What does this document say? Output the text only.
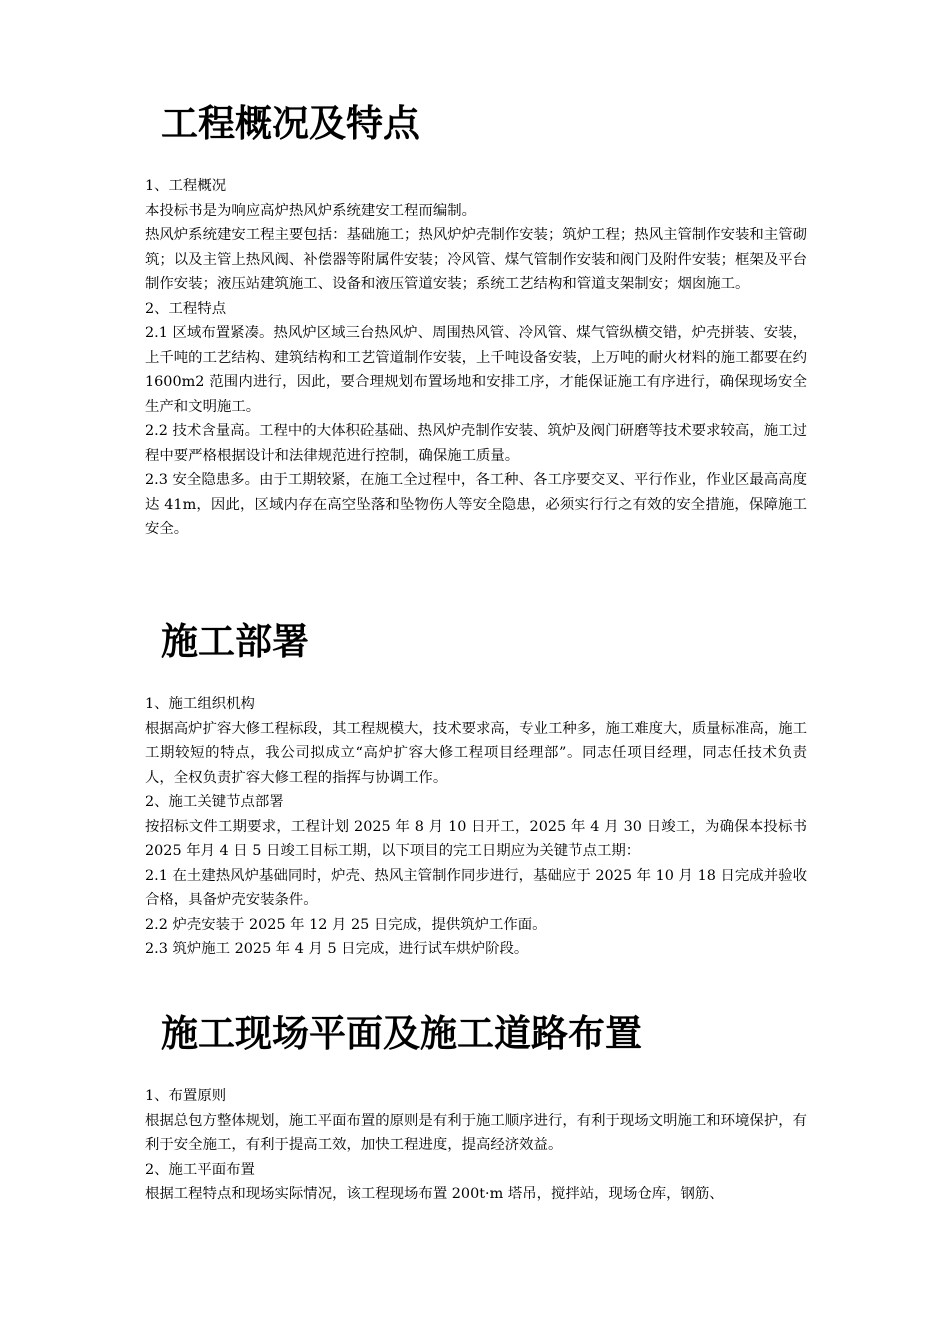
工程概况及特点

1、工程概况

本投标书是为响应高炉热风炉系统建安工程而编制。

热风炉系统建安工程主要包括：基础施工；热风炉炉壳制作安装；筑炉工程；热风主管制作安装和主管砌筑；以及主管上热风阀、补偿器等附属件安装；冷风管、煤气管制作安装和阀门及附件安装；框架及平台制作安装；液压站建筑施工、设备和液压管道安装；系统工艺结构和管道支架制安；烟囱施工。

2、工程特点

2.1 区域布置紧凑。热风炉区域三台热风炉、周围热风管、冷风管、煤气管纵横交错，炉壳拼装、安装，上千吨的工艺结构、建筑结构和工艺管道制作安装，上千吨设备安装，上万吨的耐火材料的施工都要在约 1600m2 范围内进行，因此，要合理规划布置场地和安排工序，才能保证施工有序进行，确保现场安全生产和文明施工。

2.2 技术含量高。工程中的大体积砼基础、热风炉壳制作安装、筑炉及阀门研磨等技术要求较高，施工过程中要严格根据设计和法律规范进行控制，确保施工质量。

2.3 安全隐患多。由于工期较紧，在施工全过程中，各工种、各工序要交叉、平行作业，作业区最高高度达 41m，因此，区域内存在高空坠落和坠物伤人等安全隐患，必须实行行之有效的安全措施，保障施工安全。

施工部署

1、施工组织机构

根据高炉扩容大修工程标段，其工程规模大，技术要求高，专业工种多，施工难度大，质量标准高，施工工期较短的特点，我公司拟成立“高炉扩容大修工程项目经理部”。同志任项目经理，同志任技术负责人，全权负责扩容大修工程的指挥与协调工作。

2、施工关键节点部署

按招标文件工期要求，工程计划 2025 年 8 月 10 日开工，2025 年 4 月 30 日竣工，为确保本投标书 2025 年月 4 日 5 日竣工目标工期，以下项目的完工日期应为关键节点工期：

2.1 在土建热风炉基础同时，炉壳、热风主管制作同步进行，基础应于 2025 年 10 月 18 日完成并验收合格，具备炉壳安装条件。

2.2 炉壳安装于 2025 年 12 月 25 日完成，提供筑炉工作面。

2.3 筑炉施工 2025 年 4 月 5 日完成，进行试车烘炉阶段。

施工现场平面及施工道路布置

1、布置原则

根据总包方整体规划，施工平面布置的原则是有利于施工顺序进行，有利于现场文明施工和环境保护，有利于安全施工，有利于提高工效，加快工程进度，提高经济效益。

2、施工平面布置

根据工程特点和现场实际情况，该工程现场布置 200t·m 塔吊，搅拌站，现场仓库，钢筋、
